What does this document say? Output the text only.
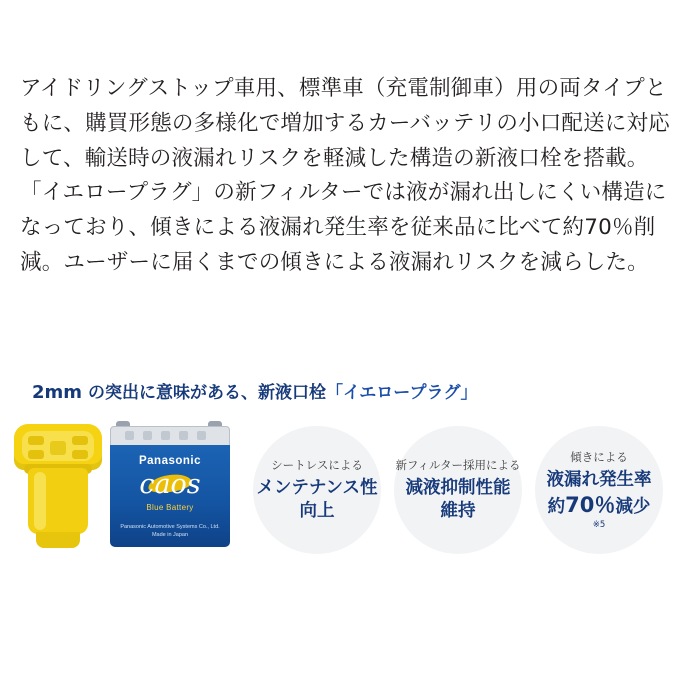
アイドリングストップ車用、標準車（充電制御車）用の両タイプともに、購買形態の多様化で増加するカーバッテリの小口配送に対応して、輸送時の液漏れリスクを軽減した構造の新液口栓を搭載。「イエロープラグ」の新フィルターでは液が漏れ出しにくい構造になっており、傾きによる液漏れ発生率を従来品に比べて約70％削減。ユーザーに届くまでの傾きによる液漏れリスクを減らした。
2mm の突出に意味がある、新液口栓「イエロープラグ」
Panasonic
caos
Blue Battery
Panasonic Automotive Systems Co., Ltd.
Made in Japan
シートレスによる
メンテナンス性
向上
新フィルター採用による
減液抑制性能
維持
傾きによる
液漏れ発生率
約70％減少
※5
